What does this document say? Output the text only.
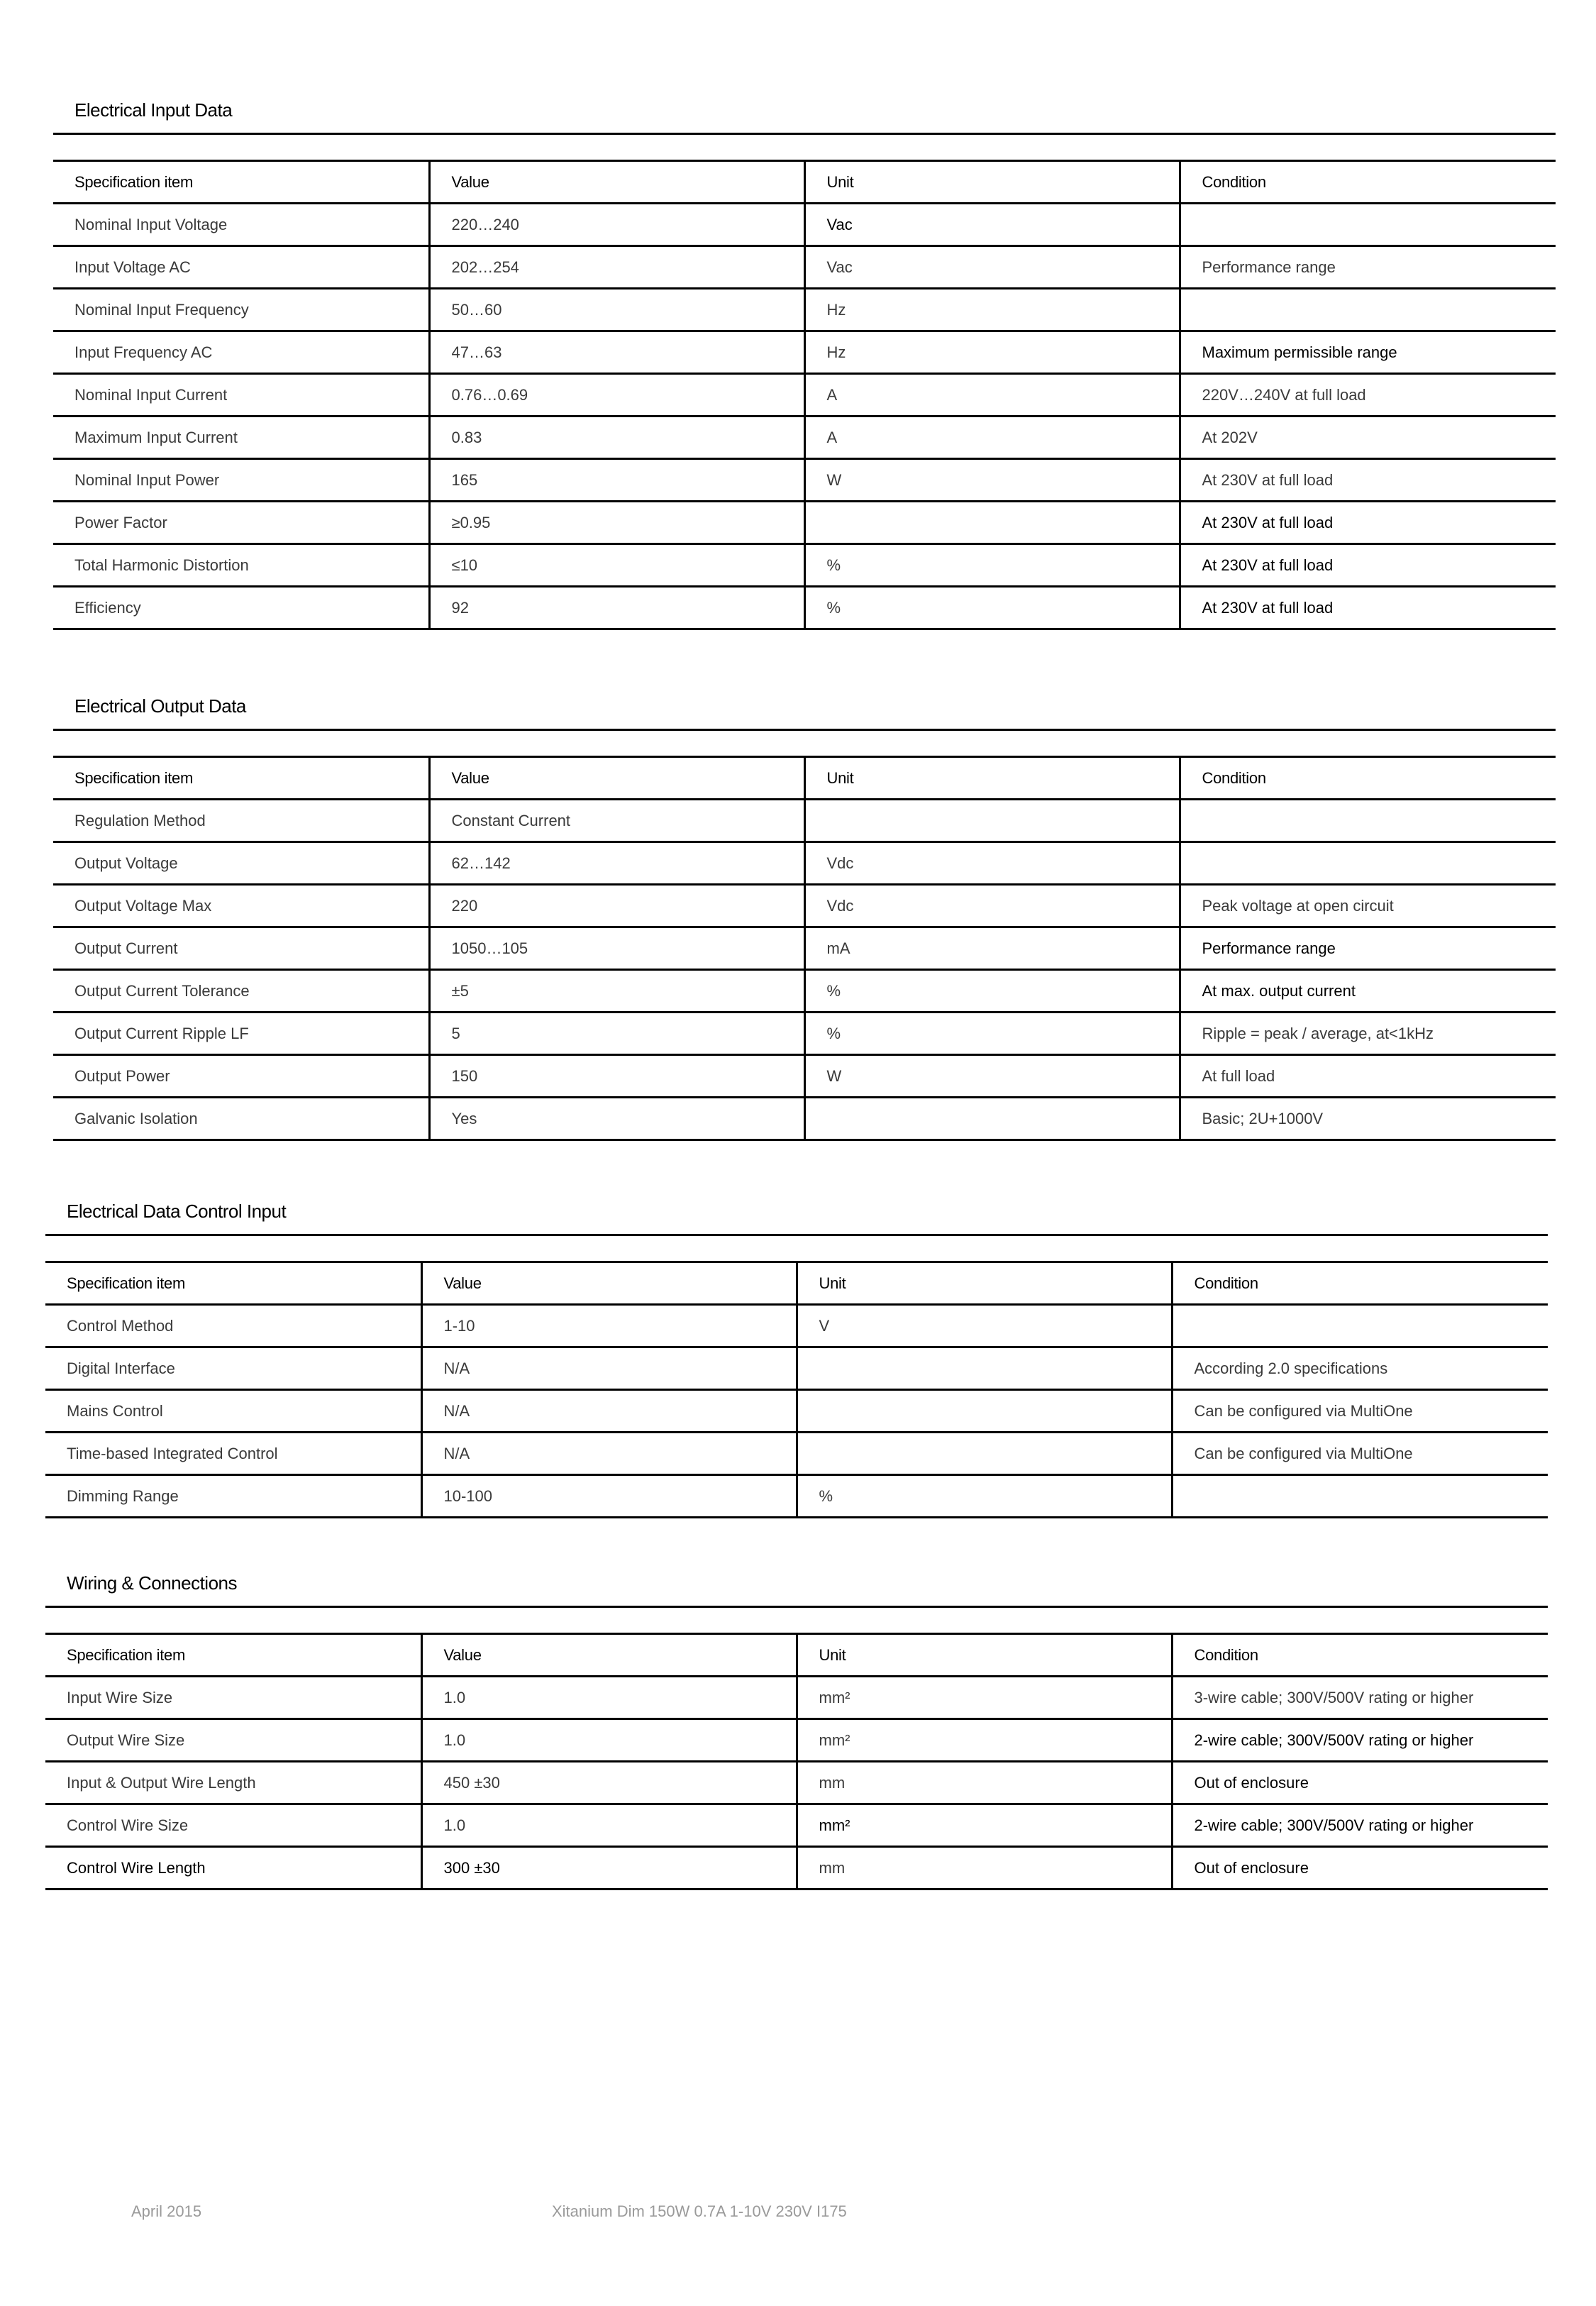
Electrical Input Data
Specification item	Value	Unit	Condition
Nominal Input Voltage	220…240	Vac	
Input Voltage AC	202…254	Vac	Performance range
Nominal Input Frequency	50…60	Hz	
Input Frequency AC	47…63	Hz	Maximum permissible range
Nominal Input Current	0.76…0.69	A	220V…240V at full load
Maximum Input Current	0.83	A	At 202V
Nominal Input Power	165	W	At 230V at full load
Power Factor	≥0.95		At 230V at full load
Total Harmonic Distortion	≤10	%	At 230V at full load
Efficiency	92	%	At 230V at full load
Electrical Output Data
Specification item	Value	Unit	Condition
Regulation Method	Constant Current		
Output Voltage	62…142	Vdc	
Output Voltage Max	220	Vdc	Peak voltage at open circuit
Output Current	1050…105	mA	Performance range
Output Current Tolerance	±5	%	At max. output current
Output Current Ripple LF	5	%	Ripple = peak / average, at<1kHz
Output Power	150	W	At full load
Galvanic Isolation	Yes		Basic; 2U+1000V
Electrical Data Control Input
Specification item	Value	Unit	Condition
Control Method	1-10	V	
Digital Interface	N/A		According 2.0 specifications
Mains Control	N/A		Can be configured via MultiOne
Time-based Integrated Control	N/A		Can be configured via MultiOne
Dimming Range	10-100	%	
Wiring & Connections
Specification item	Value	Unit	Condition
Input Wire Size	1.0	mm²	3-wire cable; 300V/500V rating or higher
Output Wire Size	1.0	mm²	2-wire cable; 300V/500V rating or higher
Input & Output Wire Length	450 ±30	mm	Out of enclosure
Control Wire Size	1.0	mm²	2-wire cable; 300V/500V rating or higher
Control Wire Length	300 ±30	mm	Out of enclosure
April 2015	Xitanium Dim 150W 0.7A 1-10V 230V I175
